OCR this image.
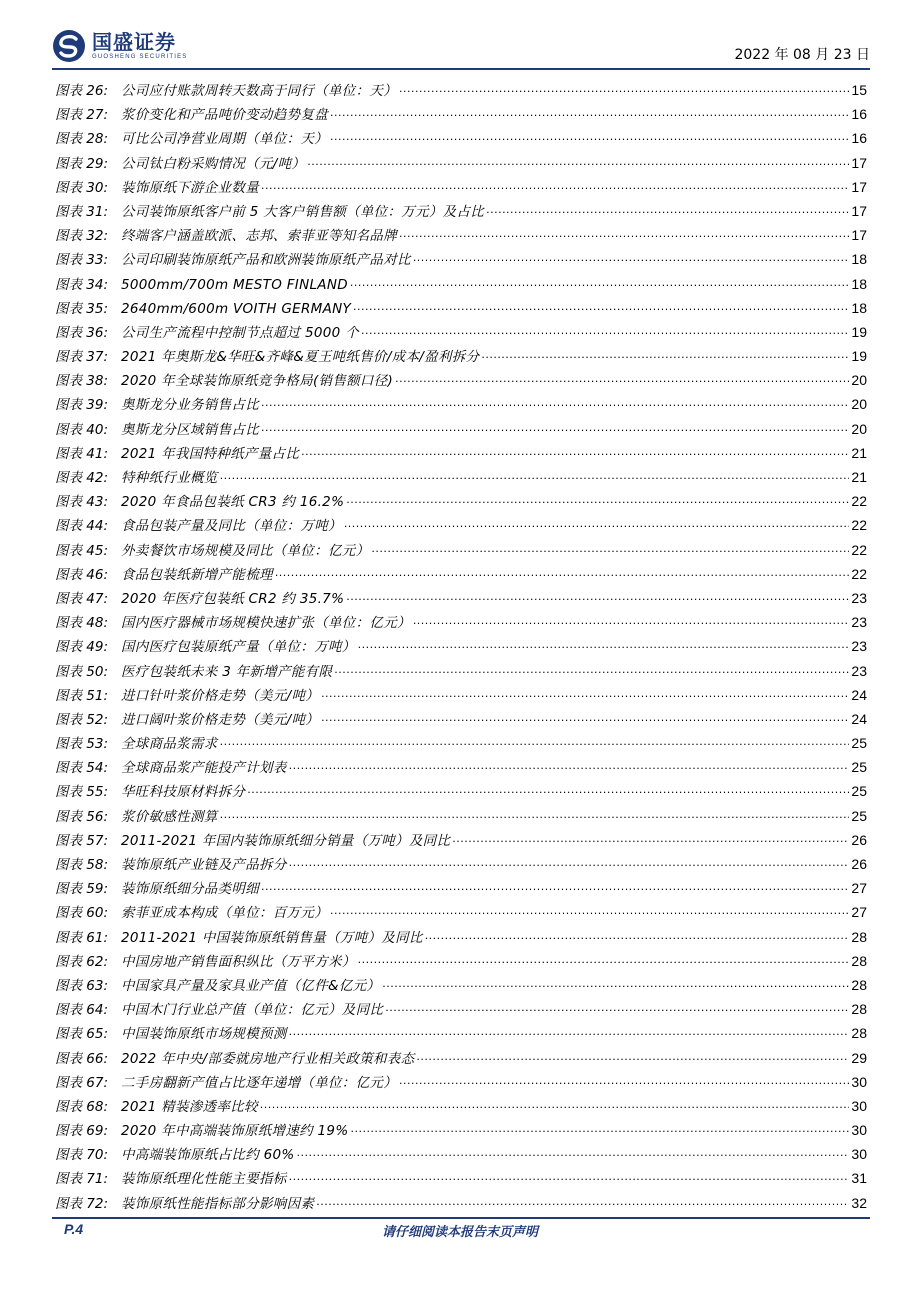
国盛证券
GUOSHENG SECURITIES	2022 年 08 月 23 日
图表 26: 公司应付账款周转天数高于同行（单位：天） .....	15
图表 27: 浆价变化和产品吨价变动趋势复盘 .....	16
图表 28: 可比公司净营业周期（单位：天） .....	16
图表 29: 公司钛白粉采购情况（元/吨） .....	17
图表 30: 装饰原纸下游企业数量 .....	17
图表 31: 公司装饰原纸客户前 5 大客户销售额（单位：万元）及占比 .....	17
图表 32: 终端客户涵盖欧派、志邦、索菲亚等知名品牌 .....	17
图表 33: 公司印刷装饰原纸产品和欧洲装饰原纸产品对比 .....	18
图表 34: 5000mm/700m MESTO FINLAND .....	18
图表 35: 2640mm/600m VOITH GERMANY .....	18
图表 36: 公司生产流程中控制节点超过 5000 个 .....	19
图表 37: 2021 年奥斯龙&华旺&齐峰&夏王吨纸售价/成本/盈利拆分 .....	19
图表 38: 2020 年全球装饰原纸竞争格局(销售额口径) .....	20
图表 39: 奥斯龙分业务销售占比 .....	20
图表 40: 奥斯龙分区域销售占比 .....	20
图表 41: 2021 年我国特种纸产量占比 .....	21
图表 42: 特种纸行业概览 .....	21
图表 43: 2020 年食品包装纸 CR3 约 16.2% .....	22
图表 44: 食品包装产量及同比（单位：万吨） .....	22
图表 45: 外卖餐饮市场规模及同比（单位：亿元） .....	22
图表 46: 食品包装纸新增产能梳理 .....	22
图表 47: 2020 年医疗包装纸 CR2 约 35.7% .....	23
图表 48: 国内医疗器械市场规模快速扩张（单位：亿元） .....	23
图表 49: 国内医疗包装原纸产量（单位：万吨） .....	23
图表 50: 医疗包装纸未来 3 年新增产能有限 .....	23
图表 51: 进口针叶浆价格走势（美元/吨） .....	24
图表 52: 进口阔叶浆价格走势（美元/吨） .....	24
图表 53: 全球商品浆需求 .....	25
图表 54: 全球商品浆产能投产计划表 .....	25
图表 55: 华旺科技原材料拆分 .....	25
图表 56: 浆价敏感性测算 .....	25
图表 57: 2011-2021 年国内装饰原纸细分销量（万吨）及同比 .....	26
图表 58: 装饰原纸产业链及产品拆分 .....	26
图表 59: 装饰原纸细分品类明细 .....	27
图表 60: 索菲亚成本构成（单位：百万元） .....	27
图表 61: 2011-2021 中国装饰原纸销售量（万吨）及同比 .....	28
图表 62: 中国房地产销售面积纵比（万平方米） .....	28
图表 63: 中国家具产量及家具业产值（亿件&亿元） .....	28
图表 64: 中国木门行业总产值（单位：亿元）及同比 .....	28
图表 65: 中国装饰原纸市场规模预测 .....	28
图表 66: 2022 年中央/部委就房地产行业相关政策和表态 .....	29
图表 67: 二手房翻新产值占比逐年递增（单位：亿元） .....	30
图表 68: 2021 精装渗透率比较 .....	30
图表 69: 2020 年中高端装饰原纸增速约 19% .....	30
图表 70: 中高端装饰原纸占比约 60% .....	30
图表 71: 装饰原纸理化性能主要指标 .....	31
图表 72: 装饰原纸性能指标部分影响因素 .....	32
P.4	请仔细阅读本报告末页声明
